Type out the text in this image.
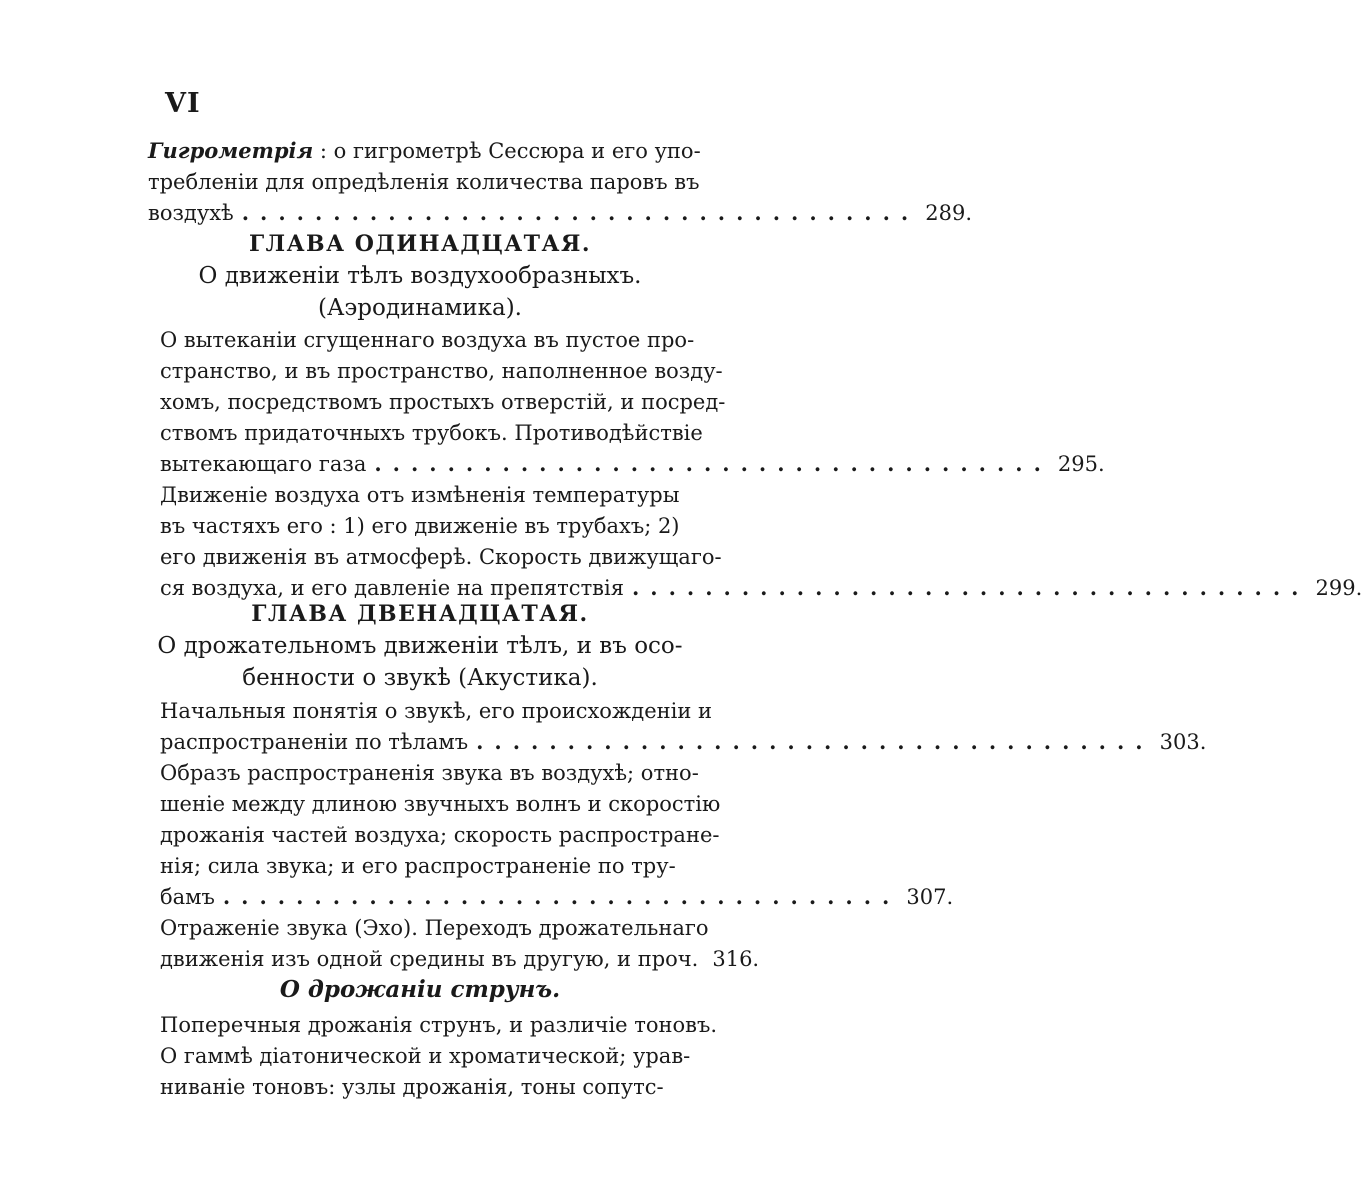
VI
Гигрометрія : о гигрометрѣ Сессюра и его упо-
требленіи для опредѣленія количества паровъ въ
воздухѣ ..................................... 289.
ГЛАВА ОДИНАДЦАТАЯ.
О движеніи тѣлъ воздухообразныхъ.
(Аэродинамика).
О вытеканіи сгущеннаго воздуха въ пустое про-
странство, и въ пространство, наполненное возду-
хомъ, посредствомъ простыхъ отверстій, и посред-
ствомъ придаточныхъ трубокъ. Противодѣйствіе
вытекающаго газа ..................................... 295.
Движеніе воздуха отъ измѣненія температуры
въ частяхъ его : 1) его движеніе въ трубахъ; 2)
его движенія въ атмосферѣ. Скорость движущаго-
ся воздуха, и его давленіе на препятствія ..................................... 299.
ГЛАВА ДВЕНАДЦАТАЯ.
О дрожательномъ движеніи тѣлъ, и въ осо-
бенности о звукѣ (Акустика).
Начальныя понятія о звукѣ, его происхожденіи и
распространеніи по тѣламъ ..................................... 303.
Образъ распространенія звука въ воздухѣ; отно-
шеніе между длиною звучныхъ волнъ и скоростію
дрожанія частей воздуха; скорость распростране-
нія; сила звука; и его распространеніе по тру-
бамъ ..................................... 307.
Отраженіе звука (Эхо). Переходъ дрожательнаго
движенія изъ одной средины въ другую, и проч. 316.
О дрожаніи струнъ.
Поперечныя дрожанія струнъ, и различіе тоновъ.
О гаммѣ діатонической и хроматической; урав-
ниваніе тоновъ: узлы дрожанія, тоны сопутс-
